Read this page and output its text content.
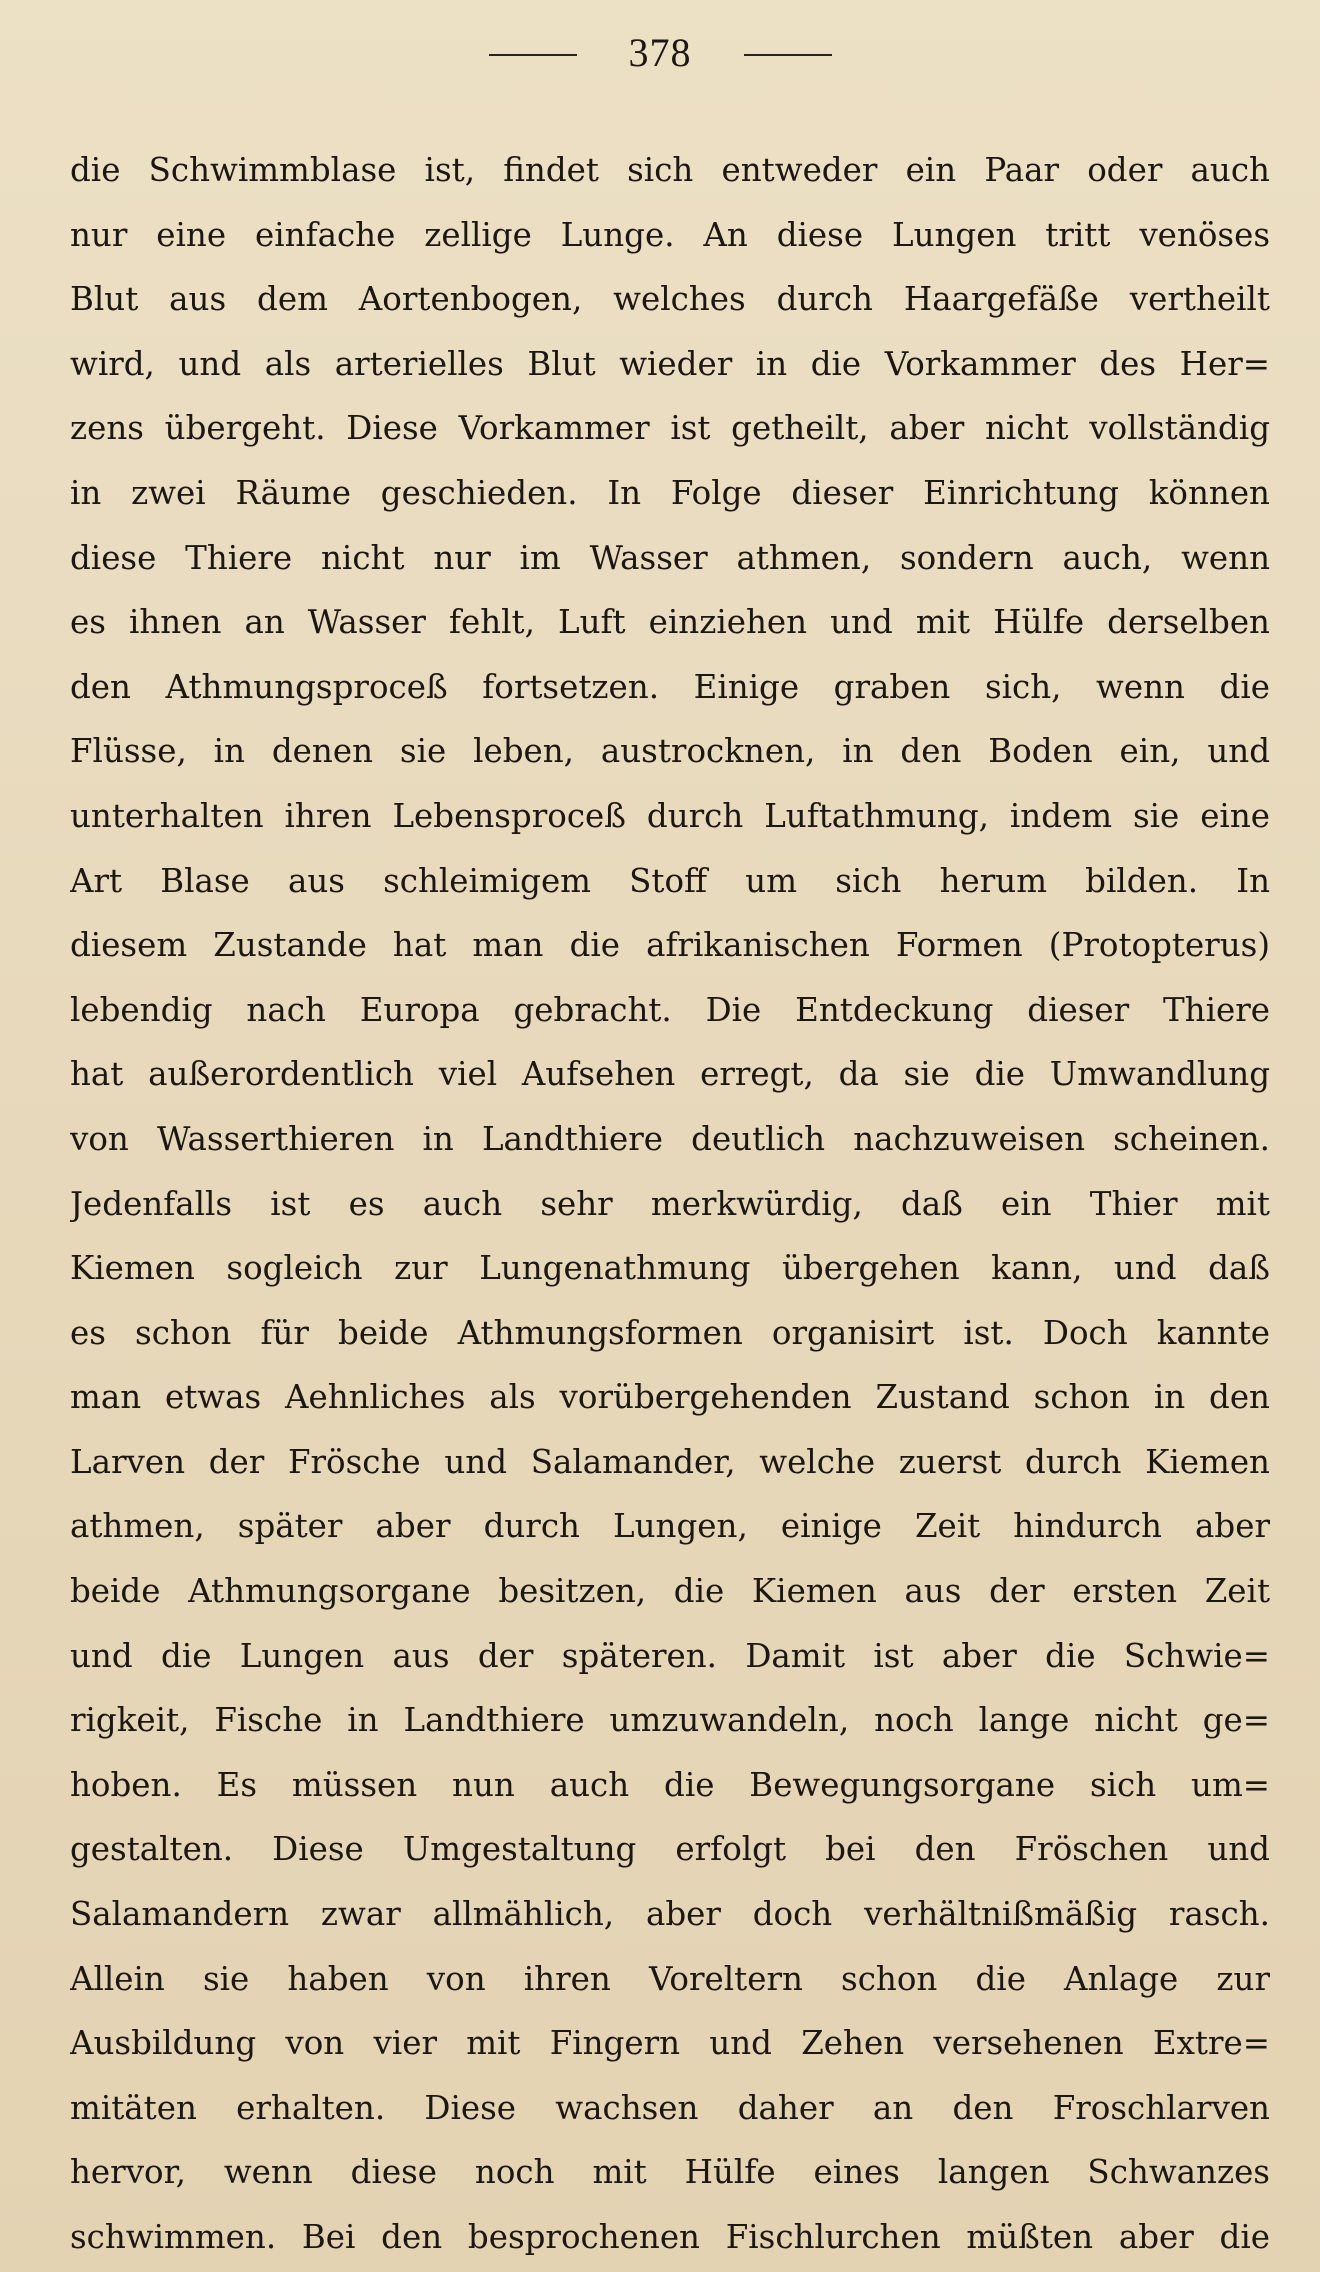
378
die Schwimmblase ist, findet sich entweder ein Paar oder auch
nur eine einfache zellige Lunge. An diese Lungen tritt venöses
Blut aus dem Aortenbogen, welches durch Haargefäße vertheilt
wird, und als arterielles Blut wieder in die Vorkammer des Her=
zens übergeht. Diese Vorkammer ist getheilt, aber nicht vollständig
in zwei Räume geschieden. In Folge dieser Einrichtung können
diese Thiere nicht nur im Wasser athmen, sondern auch, wenn
es ihnen an Wasser fehlt, Luft einziehen und mit Hülfe derselben
den Athmungsproceß fortsetzen. Einige graben sich, wenn die
Flüsse, in denen sie leben, austrocknen, in den Boden ein, und
unterhalten ihren Lebensproceß durch Luftathmung, indem sie eine
Art Blase aus schleimigem Stoff um sich herum bilden. In
diesem Zustande hat man die afrikanischen Formen (Protopterus)
lebendig nach Europa gebracht. Die Entdeckung dieser Thiere
hat außerordentlich viel Aufsehen erregt, da sie die Umwandlung
von Wasserthieren in Landthiere deutlich nachzuweisen scheinen.
Jedenfalls ist es auch sehr merkwürdig, daß ein Thier mit
Kiemen sogleich zur Lungenathmung übergehen kann, und daß
es schon für beide Athmungsformen organisirt ist. Doch kannte
man etwas Aehnliches als vorübergehenden Zustand schon in den
Larven der Frösche und Salamander, welche zuerst durch Kiemen
athmen, später aber durch Lungen, einige Zeit hindurch aber
beide Athmungsorgane besitzen, die Kiemen aus der ersten Zeit
und die Lungen aus der späteren. Damit ist aber die Schwie=
rigkeit, Fische in Landthiere umzuwandeln, noch lange nicht ge=
hoben. Es müssen nun auch die Bewegungsorgane sich um=
gestalten. Diese Umgestaltung erfolgt bei den Fröschen und
Salamandern zwar allmählich, aber doch verhältnißmäßig rasch.
Allein sie haben von ihren Voreltern schon die Anlage zur
Ausbildung von vier mit Fingern und Zehen versehenen Extre=
mitäten erhalten. Diese wachsen daher an den Froschlarven
hervor, wenn diese noch mit Hülfe eines langen Schwanzes
schwimmen. Bei den besprochenen Fischlurchen müßten aber die
